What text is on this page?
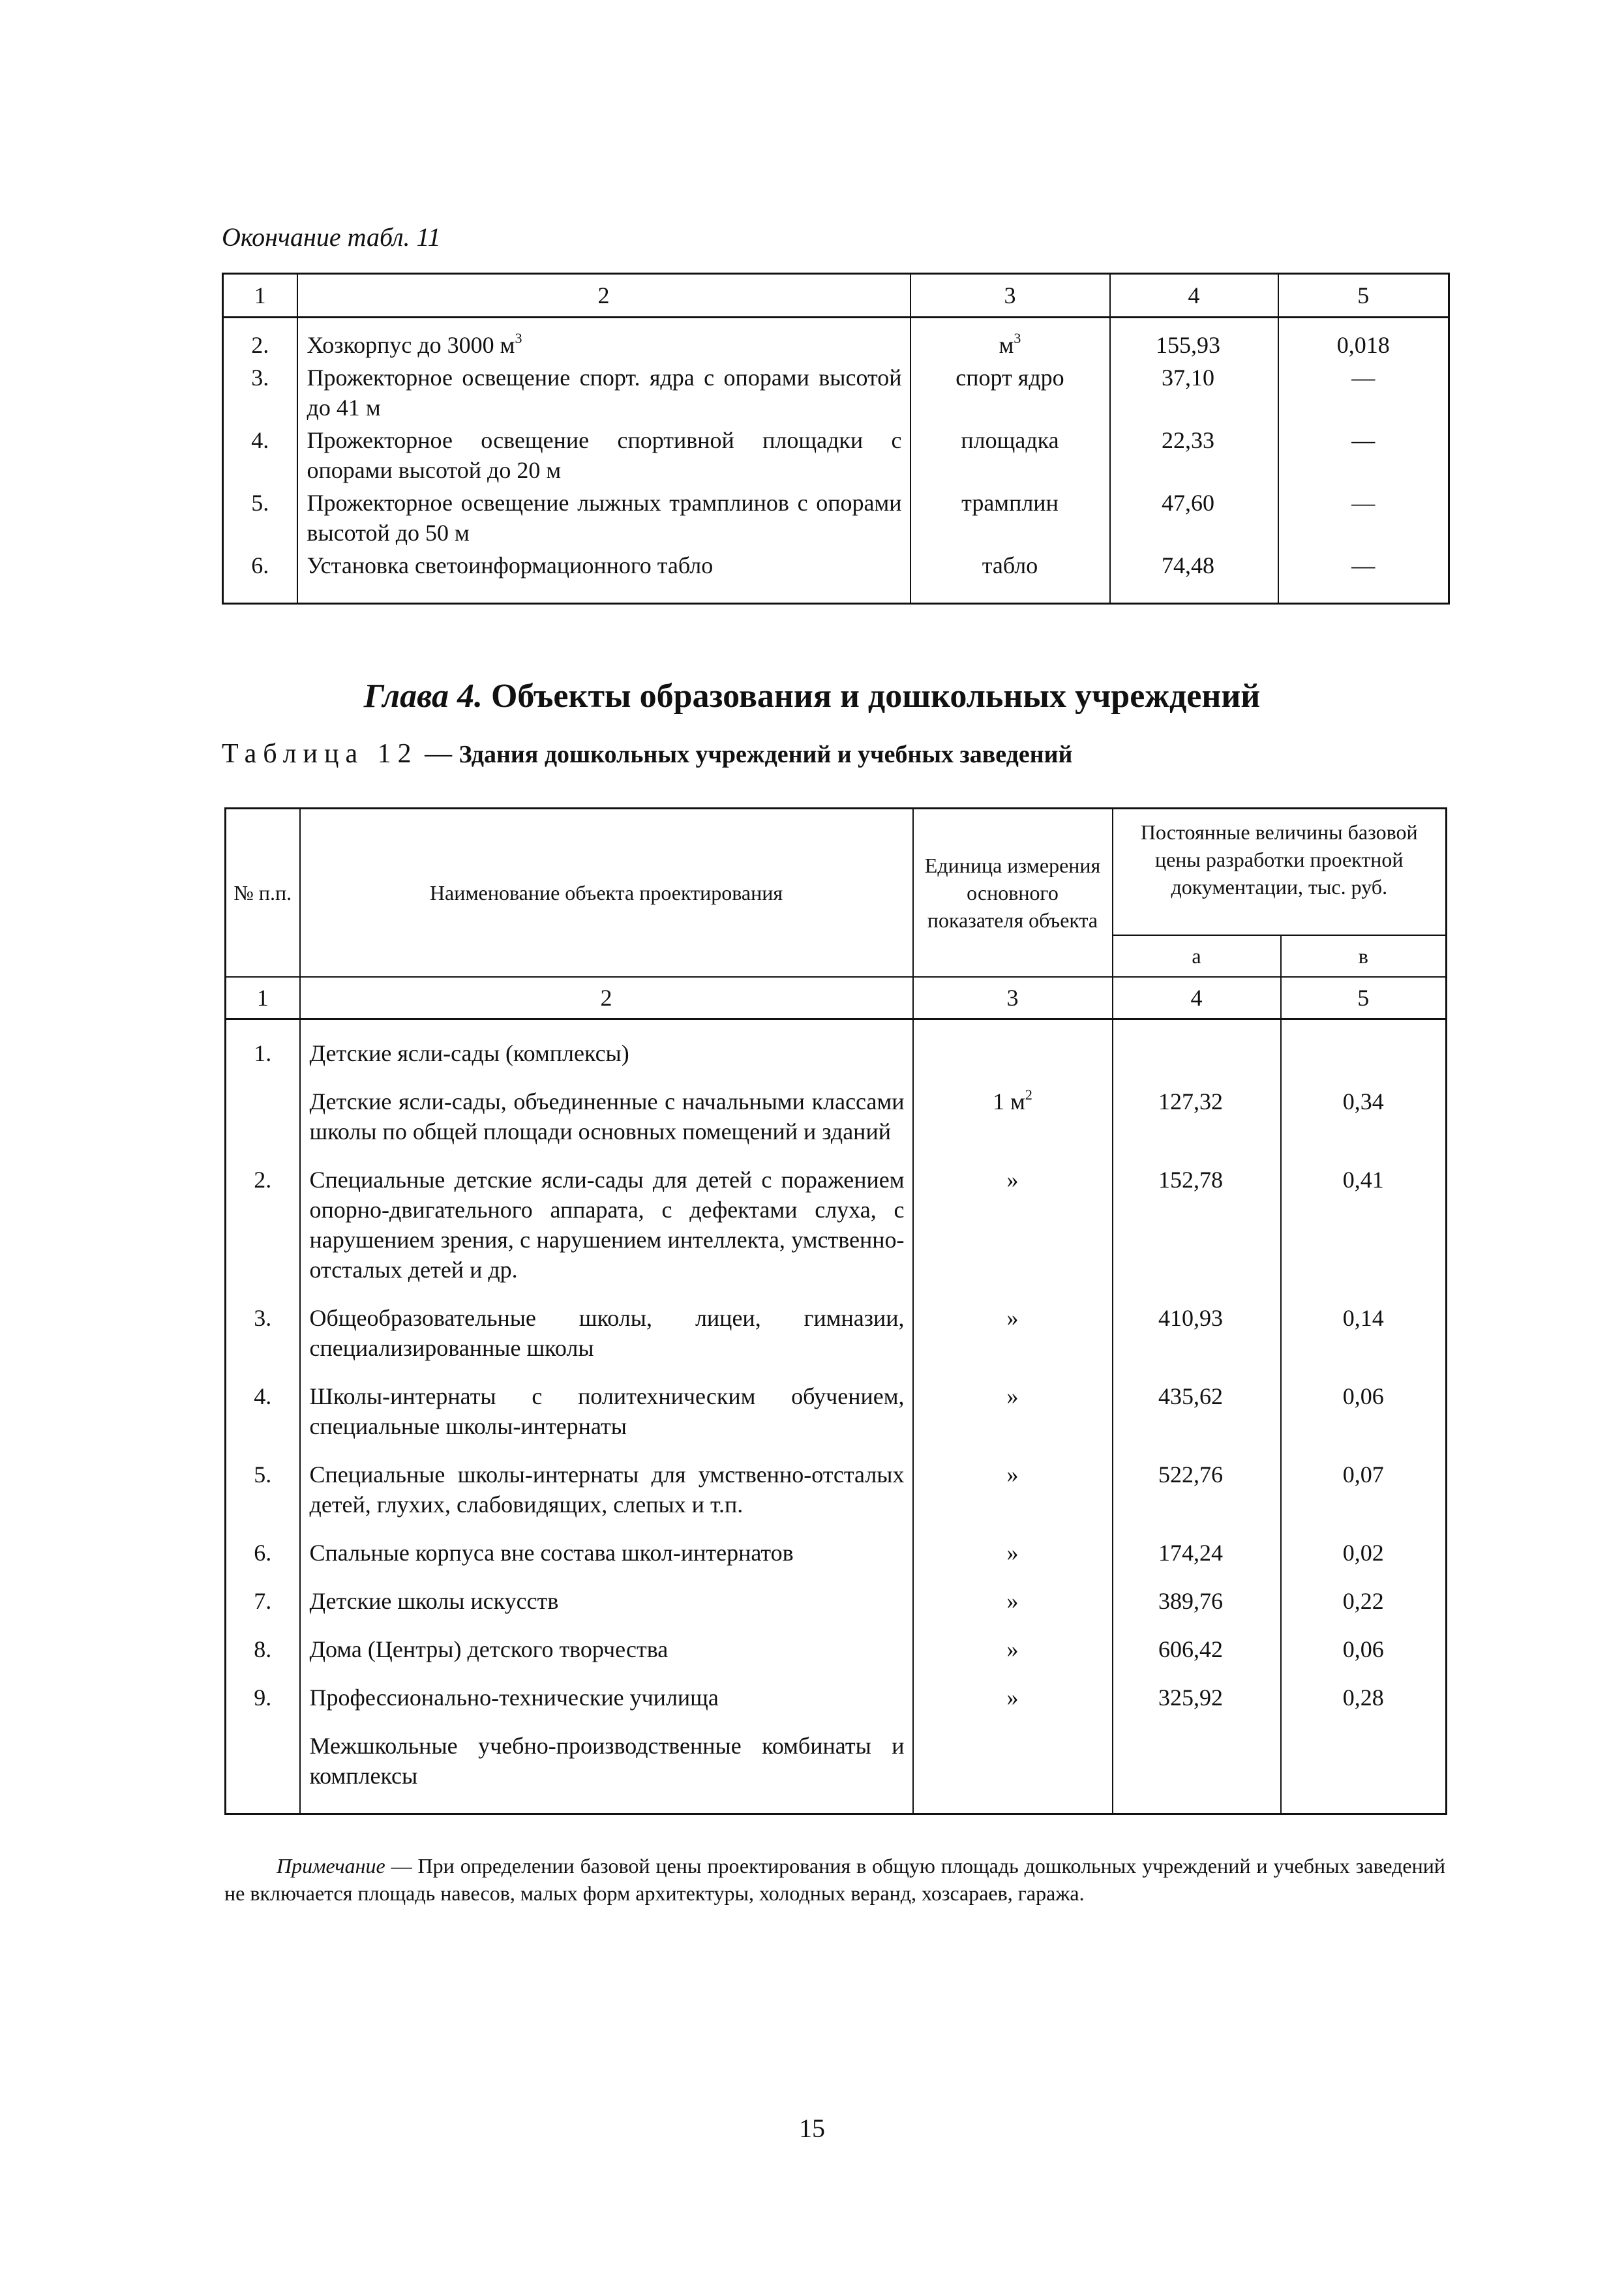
Окончание табл. 11
1	2	3	4	5
2.	Хозкорпус до 3000 $м^3$	$м^3$	155,93	0,018
3.	Прожекторное освещение спорт. ядра с опорами высотой до 41 м	спорт ядро	37,10	—
4.	Прожекторное освещение спортивной площадки с опорами высотой до 20 м	площадка	22,33	—
5.	Прожекторное освещение лыжных трамплинов с опорами высотой до 50 м	трамплин	47,60	—
6.	Установка светоинформационного табло	табло	74,48	—
Глава 4. Объекты образования и дошкольных учреждений
Таблица 12 — Здания дошкольных учреждений и учебных заведений
№ п.п.	Наименование объекта проектирования	Единица измерения основного показателя объекта	Постоянные величины базовой цены разработки проектной документации, тыс. руб.	
			а	в
1	2	3	4	5
1.	Детские ясли-сады (комплексы)			
	Детские ясли-сады, объединенные с начальными классами школы по общей площади основных помещений и зданий	1 $м^2$	127,32	0,34
2.	Специальные детские ясли-сады для детей с поражением опорно-двигательного аппарата, с дефектами слуха, с нарушением зрения, с нарушением интеллекта, умственно-отсталых детей и др.	»	152,78	0,41
3.	Общеобразовательные школы, лицеи, гимназии, специализированные школы	»	410,93	0,14
4.	Школы-интернаты с политехническим обучением, специальные школы-интернаты	»	435,62	0,06
5.	Специальные школы-интернаты для умственно-отсталых детей, глухих, слабовидящих, слепых и т.п.	»	522,76	0,07
6.	Спальные корпуса вне состава школ-интернатов	»	174,24	0,02
7.	Детские школы искусств	»	389,76	0,22
8.	Дома (Центры) детского творчества	»	606,42	0,06
9.	Профессионально-технические училища	»	325,92	0,28
	Межшкольные учебно-производственные комбинаты и комплексы			
Примечание — При определении базовой цены проектирования в общую площадь дошкольных учреждений и учебных заведений не включается площадь навесов, малых форм архитектуры, холодных веранд, хозсараев, гаража.
15
